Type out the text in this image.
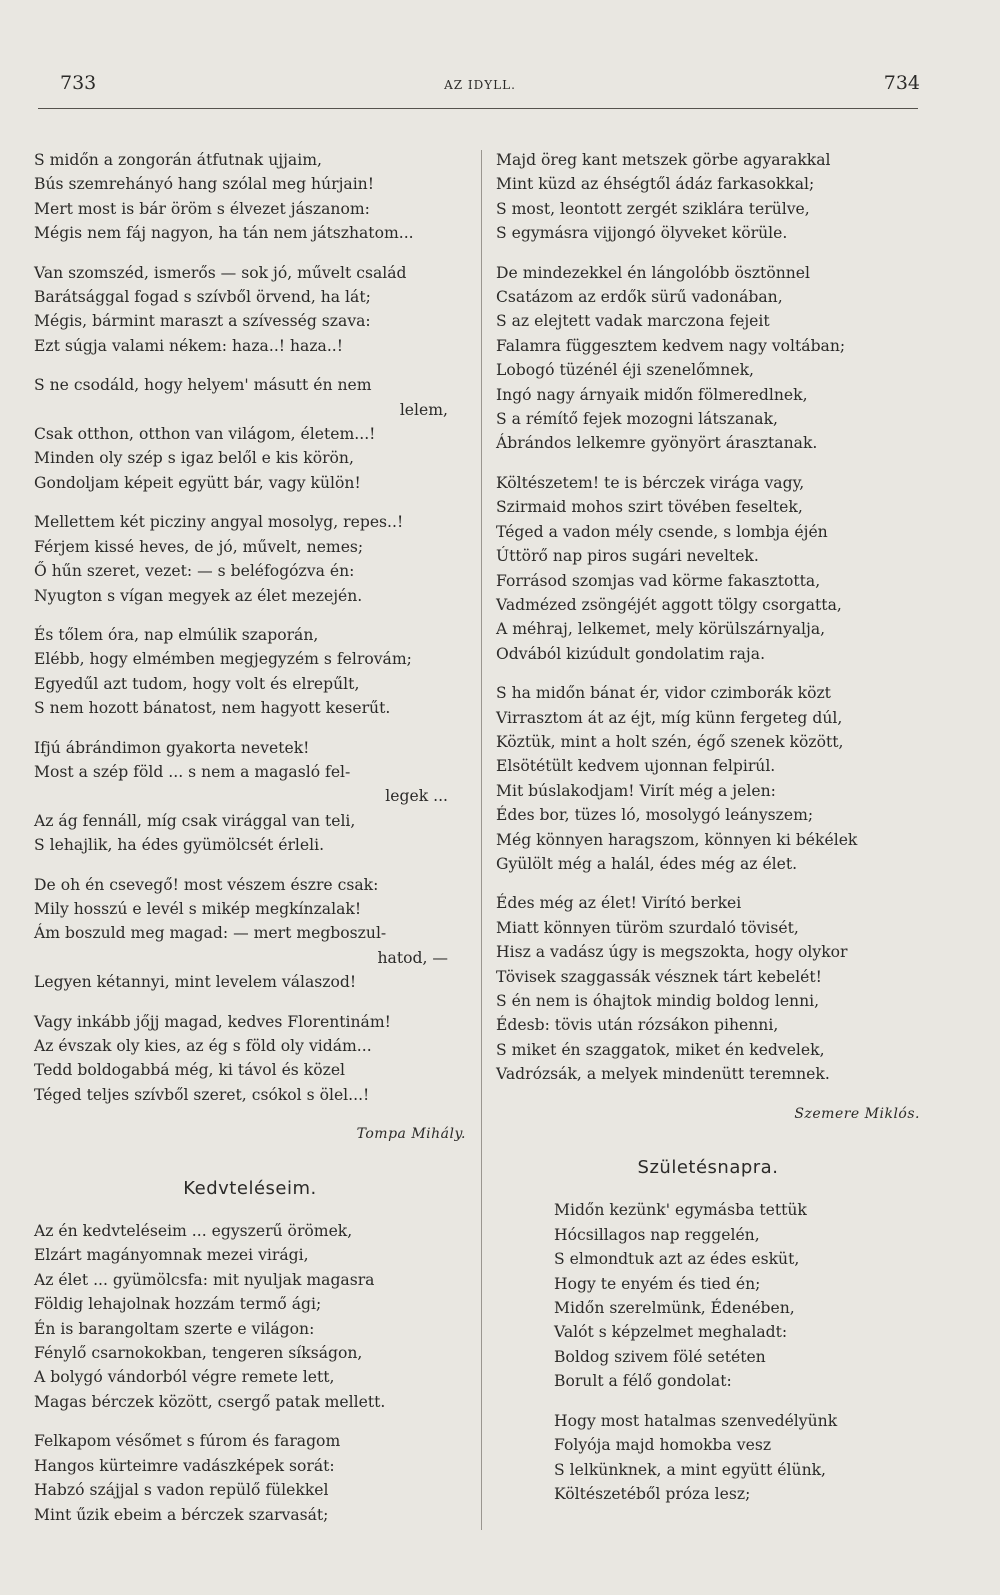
733	AZ IDYLL.	734
S midőn a zongorán átfutnak ujjaim,
Bús szemrehányó hang szólal meg húrjain!
Mert most is bár öröm s élvezet jászanom:
Mégis nem fáj nagyon, ha tán nem játszhatom...
Van szomszéd, ismerős — sok jó, művelt család
Barátsággal fogad s szívből örvend, ha lát;
Mégis, bármint maraszt a szívesség szava:
Ezt súgja valami nékem: haza..! haza..!
S ne csodáld, hogy helyem' másutt én nem
lelem,
Csak otthon, otthon van világom, életem...!
Minden oly szép s igaz belől e kis körön,
Gondoljam képeit együtt bár, vagy külön!
Mellettem két picziny angyal mosolyg, repes..!
Férjem kissé heves, de jó, művelt, nemes;
Ő hűn szeret, vezet: — s beléfogózva én:
Nyugton s vígan megyek az élet mezején.
És tőlem óra, nap elmúlik szaporán,
Elébb, hogy elmémben megjegyzém s felrovám;
Egyedűl azt tudom, hogy volt és elrepűlt,
S nem hozott bánatost, nem hagyott keserűt.
Ifjú ábrándimon gyakorta nevetek!
Most a szép föld ... s nem a magasló fel-
legek ...
Az ág fennáll, míg csak virággal van teli,
S lehajlik, ha édes gyümölcsét érleli.
De oh én csevegő! most vészem észre csak:
Mily hosszú e levél s mikép megkínzalak!
Ám boszuld meg magad: — mert megboszul-
hatod, —
Legyen kétannyi, mint levelem válaszod!
Vagy inkább jőjj magad, kedves Florentinám!
Az évszak oly kies, az ég s föld oly vidám...
Tedd boldogabbá még, ki távol és közel
Téged teljes szívből szeret, csókol s ölel...!
Tompa Mihály.
Kedvteléseim.
Az én kedvteléseim ... egyszerű örömek,
Elzárt magányomnak mezei virági,
Az élet ... gyümölcsfa: mit nyuljak magasra
Földig lehajolnak hozzám termő ági;
Én is barangoltam szerte e világon:
Fénylő csarnokokban, tengeren síkságon,
A bolygó vándorból végre remete lett,
Magas bérczek között, csergő patak mellett.
Felkapom vésőmet s fúrom és faragom
Hangos kürteimre vadászképek sorát:
Habzó szájjal s vadon repülő fülekkel
Mint űzik ebeim a bérczek szarvasát;
Majd öreg kant metszek görbe agyarakkal
Mint küzd az éhségtől ádáz farkasokkal;
S most, leontott zergét sziklára terülve,
S egymásra vijjongó ölyveket körüle.
De mindezekkel én lángolóbb ösztönnel
Csatázom az erdők sürű vadonában,
S az elejtett vadak marczona fejeit
Falamra függesztem kedvem nagy voltában;
Lobogó tüzénél éji szenelőmnek,
Ingó nagy árnyaik midőn fölmeredlnek,
S a rémítő fejek mozogni látszanak,
Ábrándos lelkemre gyönyört árasztanak.
Költészetem! te is bérczek virága vagy,
Szirmaid mohos szirt tövében feseltek,
Téged a vadon mély csende, s lombja éjén
Úttörő nap piros sugári neveltek.
Forrásod szomjas vad körme fakasztotta,
Vadmézed zsöngéjét aggott tölgy csorgatta,
A méhraj, lelkemet, mely körülszárnyalja,
Odvából kizúdult gondolatim raja.
S ha midőn bánat ér, vidor czimborák közt
Virrasztom át az éjt, míg künn fergeteg dúl,
Köztük, mint a holt szén, égő szenek között,
Elsötétült kedvem ujonnan felpirúl.
Mit búslakodjam! Virít még a jelen:
Édes bor, tüzes ló, mosolygó leányszem;
Még könnyen haragszom, könnyen ki békélek
Gyülölt még a halál, édes még az élet.
Édes még az élet! Virító berkei
Miatt könnyen türöm szurdaló tövisét,
Hisz a vadász úgy is megszokta, hogy olykor
Tövisek szaggassák vésznek tárt kebelét!
S én nem is óhajtok mindig boldog lenni,
Édesb: tövis után rózsákon pihenni,
S miket én szaggatok, miket én kedvelek,
Vadrózsák, a melyek mindenütt teremnek.
Szemere Miklós.
Születésnapra.
Midőn kezünk' egymásba tettük
Hócsillagos nap reggelén,
S elmondtuk azt az édes esküt,
Hogy te enyém és tied én;
Midőn szerelmünk, Édenében,
Valót s képzelmet meghaladt:
Boldog szivem fölé setéten
Borult a félő gondolat:
Hogy most hatalmas szenvedélyünk
Folyója majd homokba vesz
S lelkünknek, a mint együtt élünk,
Költészetéből próza lesz;
